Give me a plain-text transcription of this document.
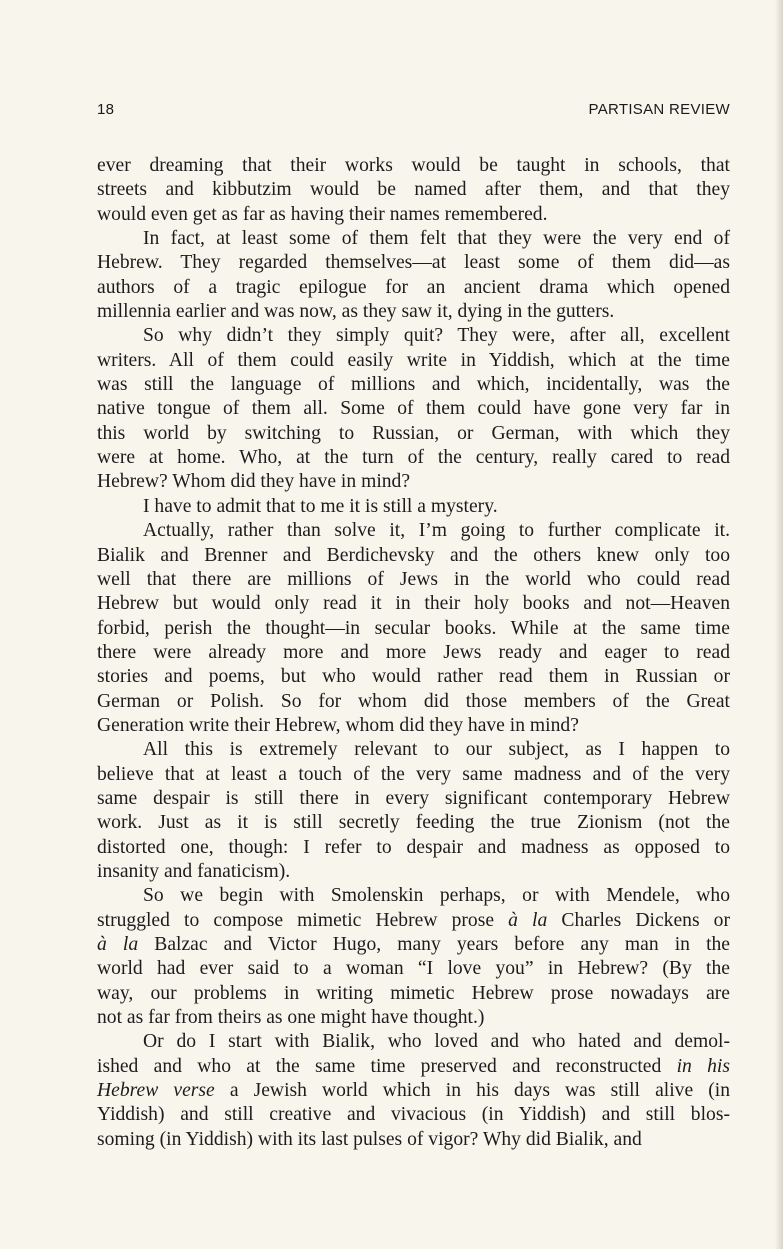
18	PARTISAN REVIEW
ever dreaming that their works would be taught in schools, that
streets and kibbutzim would be named after them, and that they
would even get as far as having their names remembered.
In fact, at least some of them felt that they were the very end of
Hebrew. They regarded themselves—at least some of them did—as
authors of a tragic epilogue for an ancient drama which opened
millennia earlier and was now, as they saw it, dying in the gutters.
So why didn’t they simply quit? They were, after all, excellent
writers. All of them could easily write in Yiddish, which at the time
was still the language of millions and which, incidentally, was the
native tongue of them all. Some of them could have gone very far in
this world by switching to Russian, or German, with which they
were at home. Who, at the turn of the century, really cared to read
Hebrew? Whom did they have in mind?
I have to admit that to me it is still a mystery.
Actually, rather than solve it, I’m going to further complicate it.
Bialik and Brenner and Berdichevsky and the others knew only too
well that there are millions of Jews in the world who could read
Hebrew but would only read it in their holy books and not—Heaven
forbid, perish the thought—in secular books. While at the same time
there were already more and more Jews ready and eager to read
stories and poems, but who would rather read them in Russian or
German or Polish. So for whom did those members of the Great
Generation write their Hebrew, whom did they have in mind?
All this is extremely relevant to our subject, as I happen to
believe that at least a touch of the very same madness and of the very
same despair is still there in every significant contemporary Hebrew
work. Just as it is still secretly feeding the true Zionism (not the
distorted one, though: I refer to despair and madness as opposed to
insanity and fanaticism).
So we begin with Smolenskin perhaps, or with Mendele, who
struggled to compose mimetic Hebrew prose à la Charles Dickens or
à la Balzac and Victor Hugo, many years before any man in the
world had ever said to a woman “I love you” in Hebrew? (By the
way, our problems in writing mimetic Hebrew prose nowadays are
not as far from theirs as one might have thought.)
Or do I start with Bialik, who loved and who hated and demol-
ished and who at the same time preserved and reconstructed in his
Hebrew verse a Jewish world which in his days was still alive (in
Yiddish) and still creative and vivacious (in Yiddish) and still blos-
soming (in Yiddish) with its last pulses of vigor? Why did Bialik, and
